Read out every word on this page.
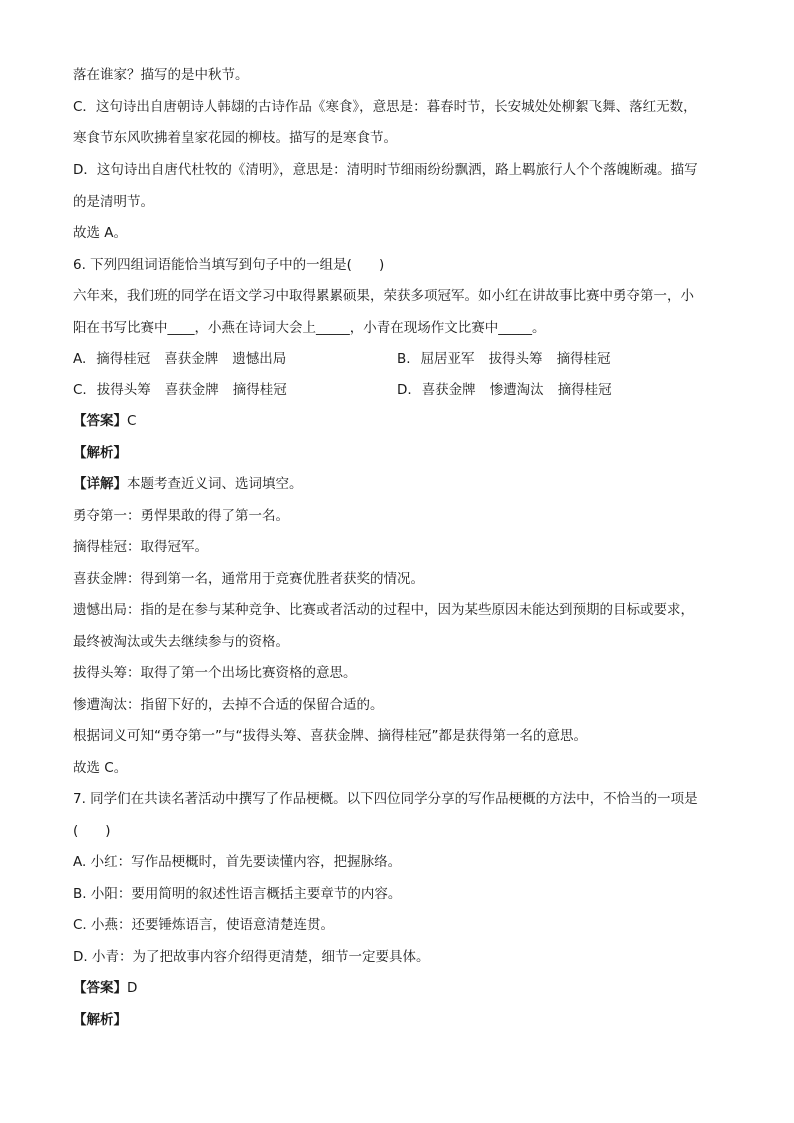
落在谁家？描写的是中秋节。
C．这句诗出自唐朝诗人韩翃的古诗作品《寒食》，意思是：暮春时节，长安城处处柳絮飞舞、落红无数，
寒食节东风吹拂着皇家花园的柳枝。描写的是寒食节。
D．这句诗出自唐代杜牧的《清明》，意思是：清明时节细雨纷纷飘洒，路上羁旅行人个个落魄断魂。描写
的是清明节。
故选 A。
6. 下列四组词语能恰当填写到句子中的一组是(　　)
六年来，我们班的同学在语文学习中取得累累硕果，荣获多项冠军。如小红在讲故事比赛中勇夺第一，小
阳在书写比赛中____，小燕在诗词大会上_____，小青在现场作文比赛中_____。
A. 摘得桂冠 喜获金牌 遗憾出局	B. 屈居亚军 拔得头筹 摘得桂冠
C. 拔得头筹 喜获金牌 摘得桂冠	D. 喜获金牌 惨遭淘汰 摘得桂冠
【答案】C
【解析】
【详解】本题考查近义词、选词填空。
勇夺第一：勇悍果敢的得了第一名。
摘得桂冠：取得冠军。
喜获金牌：得到第一名，通常用于竞赛优胜者获奖的情况。
遗憾出局：指的是在参与某种竞争、比赛或者活动的过程中，因为某些原因未能达到预期的目标或要求，
最终被淘汰或失去继续参与的资格。
拔得头筹：取得了第一个出场比赛资格的意思。
惨遭淘汰：指留下好的，去掉不合适的保留合适的。
根据词义可知“勇夺第一”与“拔得头筹、喜获金牌、摘得桂冠”都是获得第一名的意思。
故选 C。
7. 同学们在共读名著活动中撰写了作品梗概。以下四位同学分享的写作品梗概的方法中，不恰当的一项是
(　　)
A. 小红：写作品梗概时，首先要读懂内容，把握脉络。
B. 小阳：要用简明的叙述性语言概括主要章节的内容。
C. 小燕：还要锤炼语言，使语意清楚连贯。
D. 小青：为了把故事内容介绍得更清楚，细节一定要具体。
【答案】D
【解析】
